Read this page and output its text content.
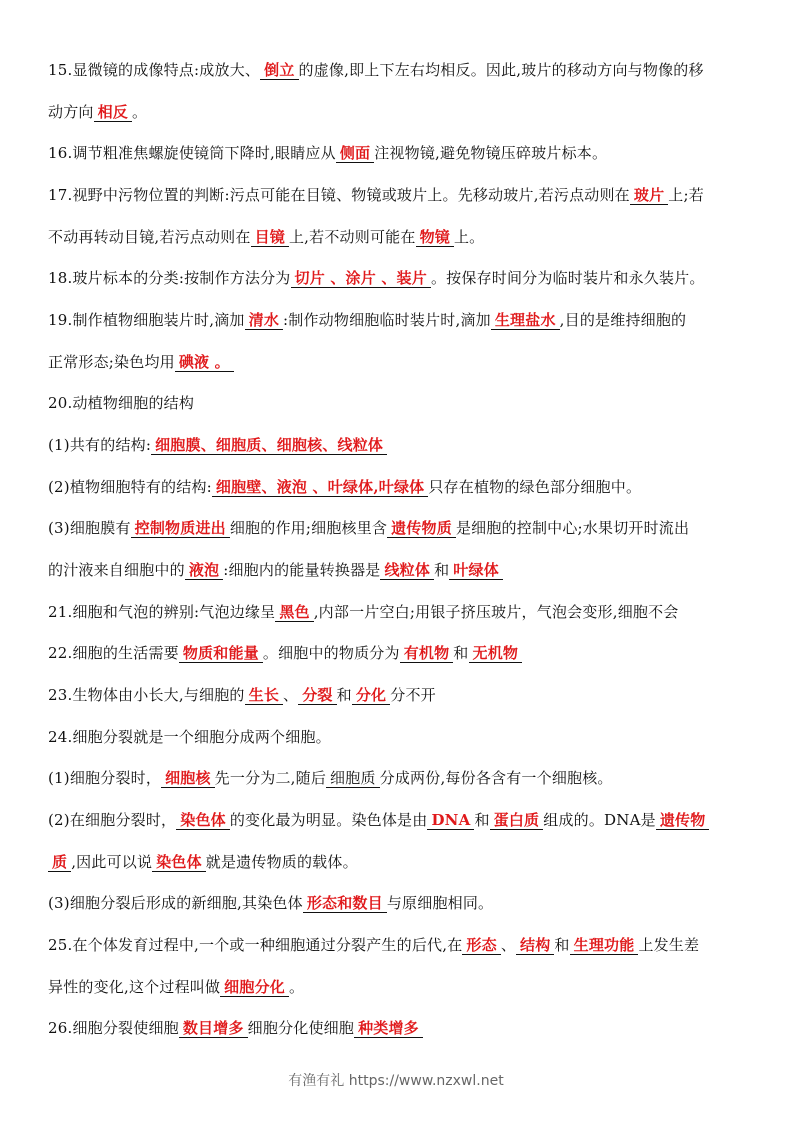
15.显微镜的成像特点:成放大、 倒立 的虚像,即上下左右均相反。因此,玻片的移动方向与物像的移
动方向 相反 。
16.调节粗准焦螺旋使镜筒下降时,眼睛应从 侧面 注视物镜,避免物镜压碎玻片标本。
17.视野中污物位置的判断:污点可能在目镜、物镜或玻片上。先移动玻片,若污点动则在 玻片 上;若
不动再转动目镜,若污点动则在 目镜 上,若不动则可能在 物镜 上。
18.玻片标本的分类:按制作方法分为 切片 、涂片 、装片 。按保存时间分为临时装片和永久装片。
19.制作植物细胞装片时,滴加 清水 :制作动物细胞临时装片时,滴加 生理盐水 ,目的是维持细胞的
正常形态;染色均用 碘液 。
20.动植物细胞的结构
(1)共有的结构: 细胞膜、细胞质、细胞核、线粒体
(2)植物细胞特有的结构: 细胞壁、液泡 、叶绿体,叶绿体 只存在植物的绿色部分细胞中。
(3)细胞膜有 控制物质进出 细胞的作用;细胞核里含 遗传物质 是细胞的控制中心;水果切开时流出
的汁液来自细胞中的 液泡 :细胞内的能量转换器是 线粒体 和 叶绿体
21.细胞和气泡的辨别:气泡边缘呈 黑色 ,内部一片空白;用银子挤压玻片，气泡会变形,细胞不会
22.细胞的生活需要 物质和能量 。细胞中的物质分为 有机物 和 无机物
23.生物体由小长大,与细胞的 生长 、 分裂 和 分化 分不开
24.细胞分裂就是一个细胞分成两个细胞。
(1)细胞分裂时， 细胞核 先一分为二,随后 细胞质 分成两份,每份各含有一个细胞核。
(2)在细胞分裂时， 染色体 的变化最为明显。染色体是由 DNA 和 蛋白质 组成的。DNA是 遗传物
质 ,因此可以说 染色体 就是遗传物质的载体。
(3)细胞分裂后形成的新细胞,其染色体 形态和数目 与原细胞相同。
25.在个体发育过程中,一个或一种细胞通过分裂产生的后代,在 形态 、 结构 和 生理功能 上发生差
异性的变化,这个过程叫做 细胞分化 。
26.细胞分裂使细胞 数目增多 细胞分化使细胞 种类增多
有渔有礼 https://www.nzxwl.net
